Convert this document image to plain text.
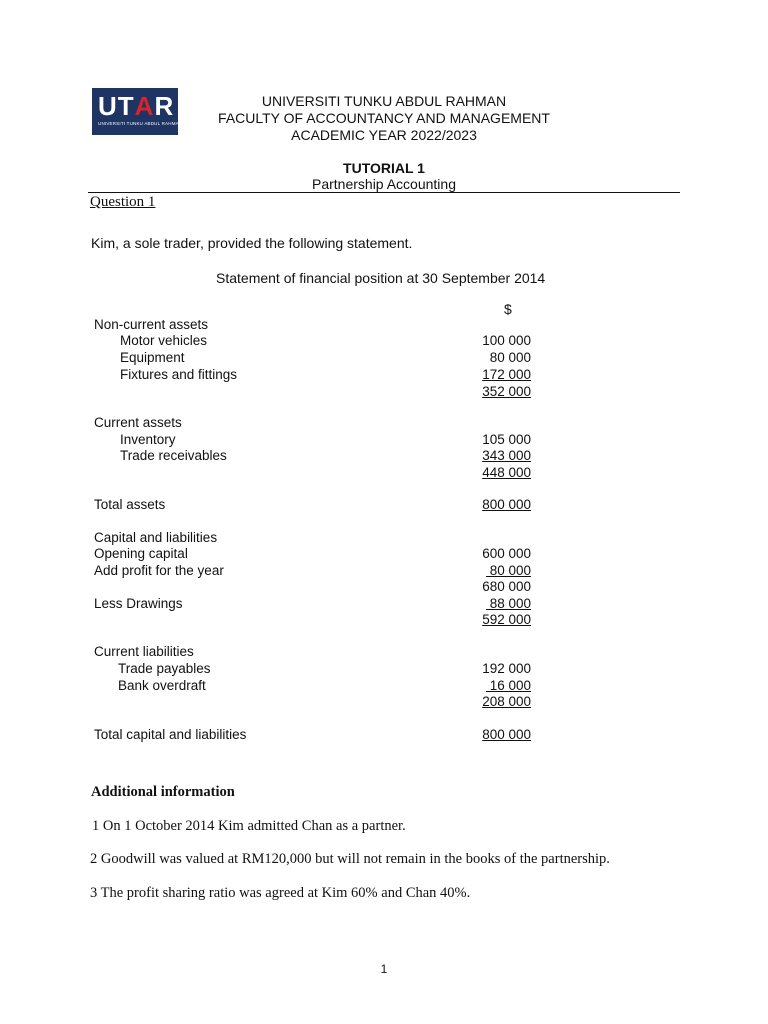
UTAR
UNIVERSITI TUNKU ABDUL RAHMAN
UNIVERSITI TUNKU ABDUL RAHMAN
FACULTY OF ACCOUNTANCY AND MANAGEMENT
ACADEMIC YEAR 2022/2023
TUTORIAL 1
Partnership Accounting
Question 1
Kim, a sole trader, provided the following statement.
Statement of financial position at 30 September 2014
$
Non-current assets
Motor vehicles	100 000
Equipment	80 000
Fixtures and fittings	172 000
352 000
Current assets
Inventory	105 000
Trade receivables	343 000
448 000
Total assets	800 000
Capital and liabilities
Opening capital	600 000
Add profit for the year	80 000
680 000
Less Drawings	88 000
592 000
Current liabilities
Trade payables	192 000
Bank overdraft	16 000
208 000
Total capital and liabilities	800 000
Additional information
1 On 1 October 2014 Kim admitted Chan as a partner.
2 Goodwill was valued at RM120,000 but will not remain in the books of the partnership.
3 The profit sharing ratio was agreed at Kim 60% and Chan 40%.
1
